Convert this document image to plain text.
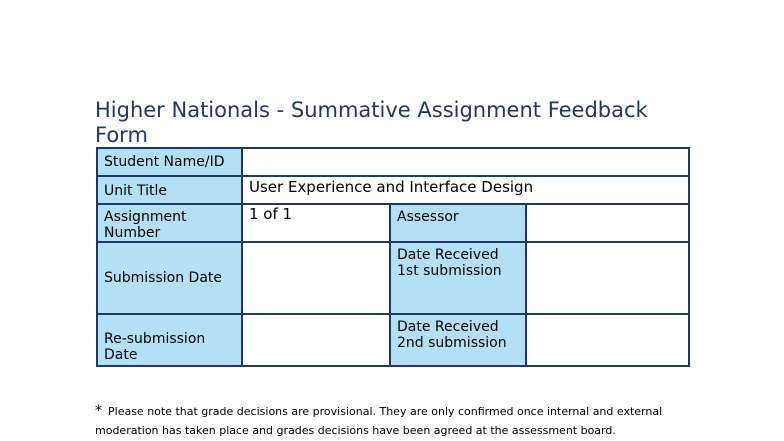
Higher Nationals - Summative Assignment Feedback Form
Student Name/ID			
Unit Title	User Experience and Interface Design		
Assignment Number	1 of 1	Assessor	
Submission Date		Date Received 1st submission	
Re-submission Date		Date Received 2nd submission	

* Please note that grade decisions are provisional. They are only confirmed once internal and external moderation has taken place and grades decisions have been agreed at the assessment board.
